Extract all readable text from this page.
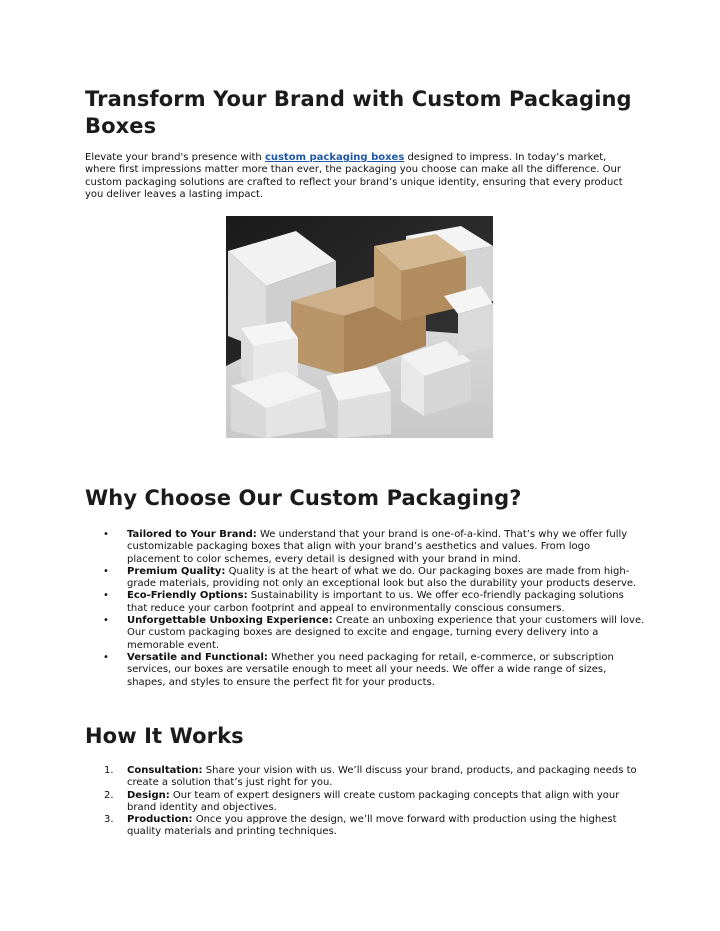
Transform Your Brand with Custom Packaging Boxes

Elevate your brand's presence with custom packaging boxes designed to impress. In today’s market, where first impressions matter more than ever, the packaging you choose can make all the difference. Our custom packaging solutions are crafted to reflect your brand’s unique identity, ensuring that every product you deliver leaves a lasting impact.

Why Choose Our Custom Packaging?
•	Tailored to Your Brand: We understand that your brand is one-of-a-kind. That’s why we offer fully customizable packaging boxes that align with your brand’s aesthetics and values. From logo placement to color schemes, every detail is designed with your brand in mind.
•	Premium Quality: Quality is at the heart of what we do. Our packaging boxes are made from high-grade materials, providing not only an exceptional look but also the durability your products deserve.
•	Eco-Friendly Options: Sustainability is important to us. We offer eco-friendly packaging solutions that reduce your carbon footprint and appeal to environmentally conscious consumers.
•	Unforgettable Unboxing Experience: Create an unboxing experience that your customers will love. Our custom packaging boxes are designed to excite and engage, turning every delivery into a memorable event.
•	Versatile and Functional: Whether you need packaging for retail, e-commerce, or subscription services, our boxes are versatile enough to meet all your needs. We offer a wide range of sizes, shapes, and styles to ensure the perfect fit for your products.
How It Works
1.	Consultation: Share your vision with us. We’ll discuss your brand, products, and packaging needs to create a solution that’s just right for you.
2.	Design: Our team of expert designers will create custom packaging concepts that align with your brand identity and objectives.
3.	Production: Once you approve the design, we’ll move forward with production using the highest quality materials and printing techniques.
